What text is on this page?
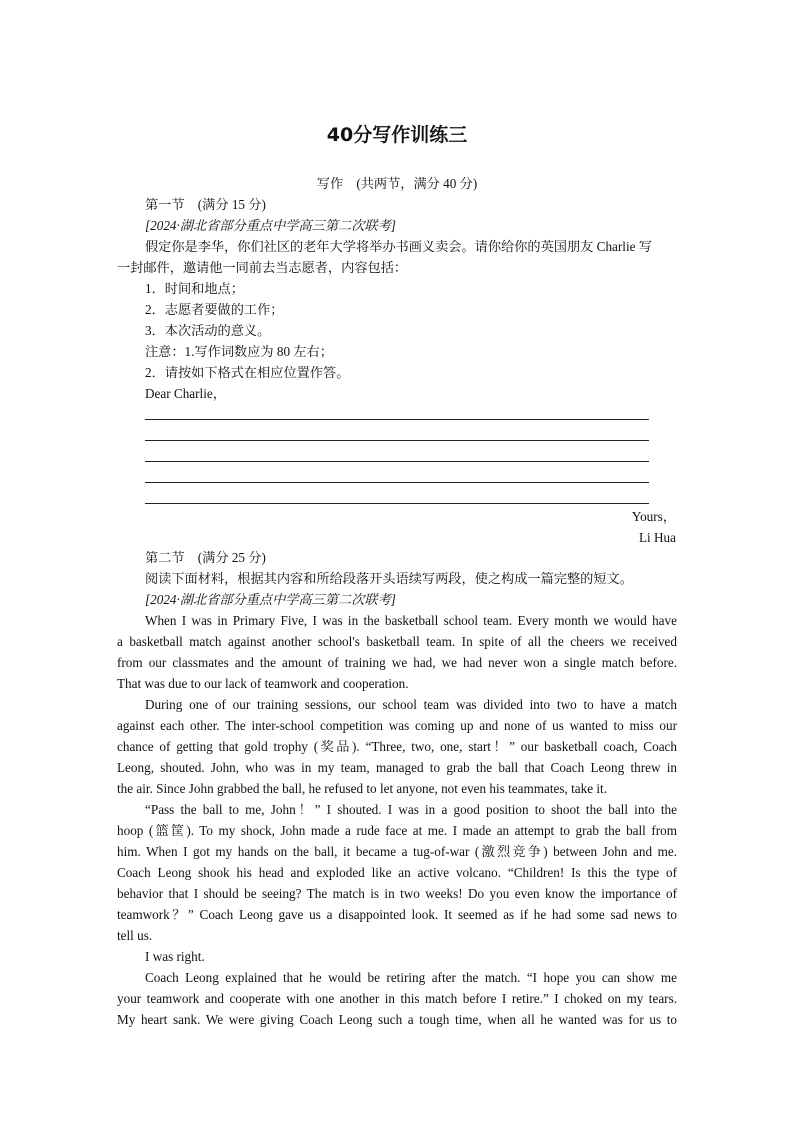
40分写作训练三
写作　(共两节，满分 40 分)
第一节　(满分 15 分)
[2024·湖北省部分重点中学高三第二次联考]
假定你是李华，你们社区的老年大学将举办书画义卖会。请你给你的英国朋友 Charlie 写
一封邮件，邀请他一同前去当志愿者，内容包括：
1．时间和地点；
2．志愿者要做的工作；
3．本次活动的意义。
注意：1.写作词数应为 80 左右；
2．请按如下格式在相应位置作答。
Dear Charlie，
Yours，
Li Hua
第二节　(满分 25 分)
阅读下面材料，根据其内容和所给段落开头语续写两段，使之构成一篇完整的短文。
[2024·湖北省部分重点中学高三第二次联考]
When I was in Primary Five, I was in the basketball school team. Every month we would have
a basketball match against another school's basketball team. In spite of all the cheers we received
from our classmates and the amount of training we had, we had never won a single match before.
That was due to our lack of teamwork and cooperation.
During one of our training sessions, our school team was divided into two to have a match
against each other. The inter-school competition was coming up and none of us wanted to miss our
chance of getting that gold trophy (奖品). “Three, two, one, start！” our basketball coach, Coach
Leong, shouted. John, who was in my team, managed to grab the ball that Coach Leong threw in
the air. Since John grabbed the ball, he refused to let anyone, not even his teammates, take it.
“Pass the ball to me, John！” I shouted. I was in a good position to shoot the ball into the
hoop (篮筐). To my shock, John made a rude face at me. I made an attempt to grab the ball from
him. When I got my hands on the ball, it became a tug-of-war (激烈竞争) between John and me.
Coach Leong shook his head and exploded like an active volcano. “Children! Is this the type of
behavior that I should be seeing? The match is in two weeks! Do you even know the importance of
teamwork？” Coach Leong gave us a disappointed look. It seemed as if he had some sad news to
tell us.
I was right.
Coach Leong explained that he would be retiring after the match. “I hope you can show me
your teamwork and cooperate with one another in this match before I retire.” I choked on my tears.
My heart sank. We were giving Coach Leong such a tough time, when all he wanted was for us to
